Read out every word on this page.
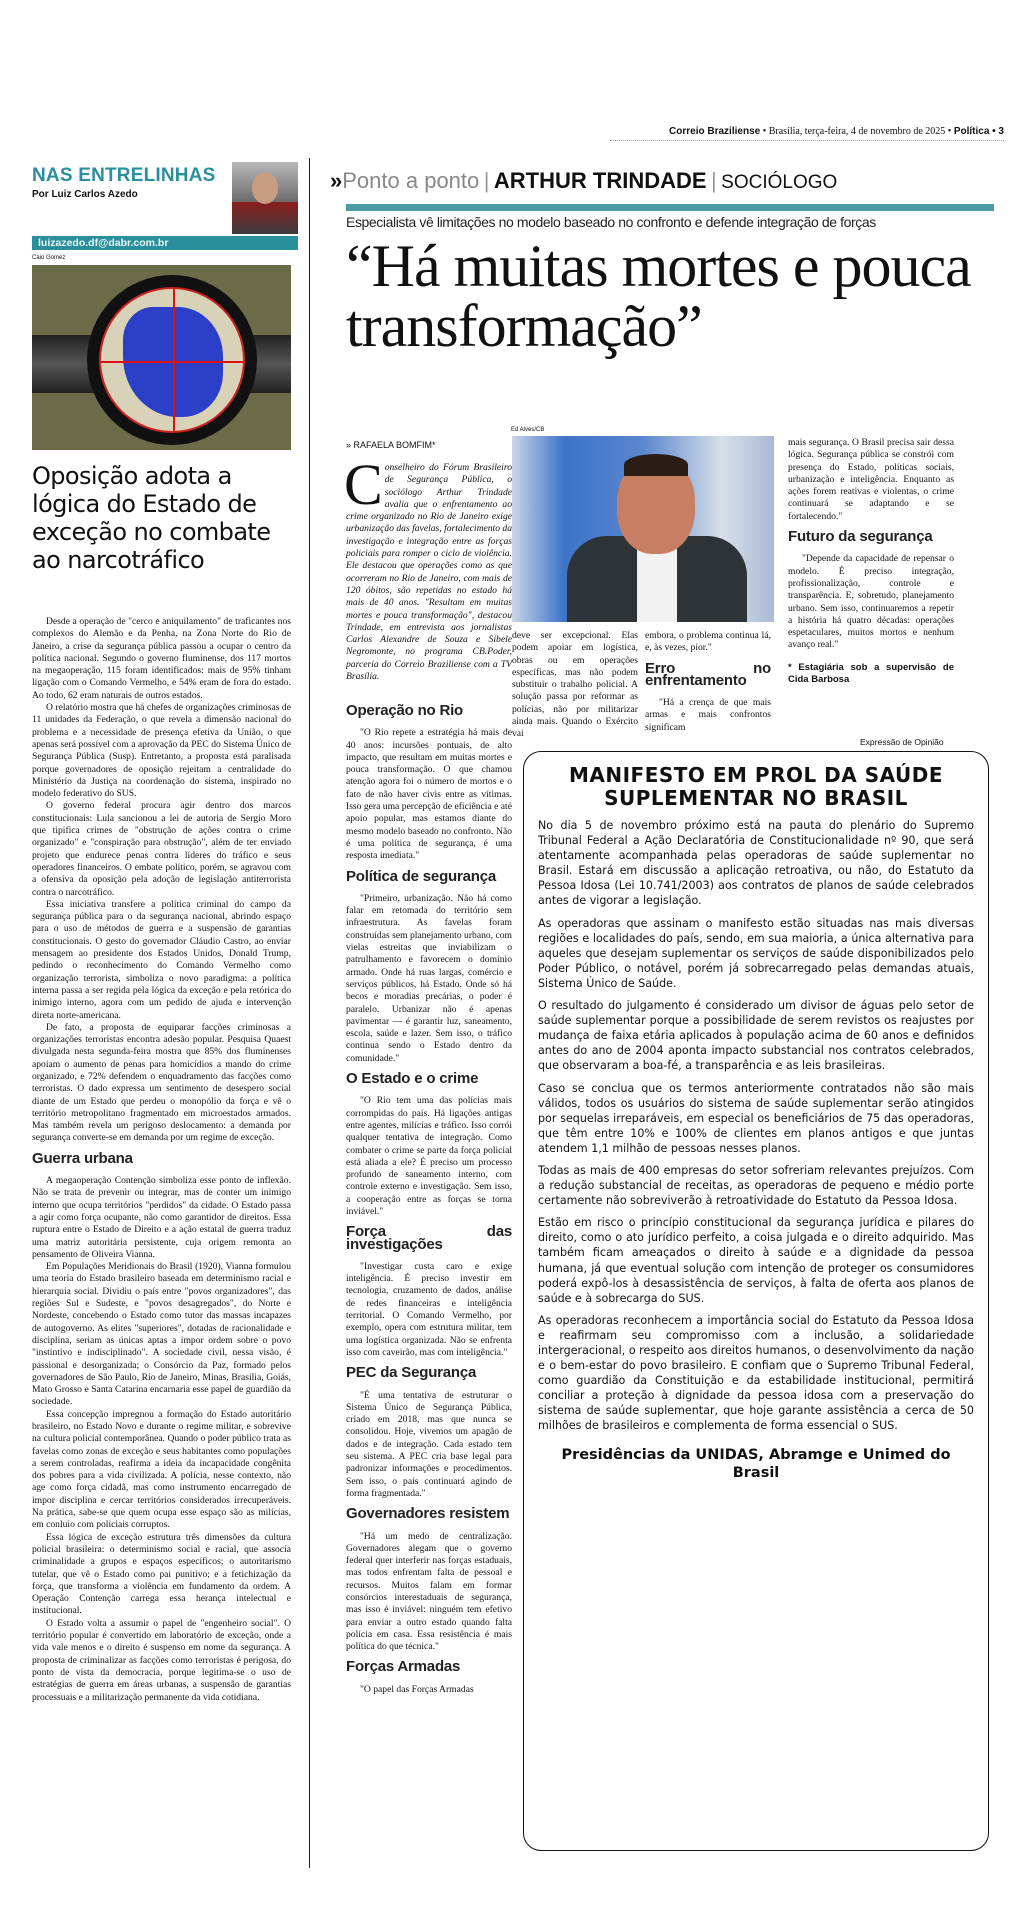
Correio Braziliense • Brasília, terça-feira, 4 de novembro de 2025 • Política • 3
NAS ENTRELINHAS
Por Luiz Carlos Azedo
luizazedo.df@dabr.com.br
Caio Gomez
Oposição adota a lógica do Estado de exceção no combate ao narcotráfico

Desde a operação de "cerco e aniquilamento" de traficantes nos complexos do Alemão e da Penha, na Zona Norte do Rio de Janeiro, a crise da segurança pública passou a ocupar o centro da política nacional. Segundo o governo fluminense, dos 117 mortos na megaoperação, 115 foram identificados: mais de 95% tinham ligação com o Comando Vermelho, e 54% eram de fora do estado. Ao todo, 62 eram naturais de outros estados.

O relatório mostra que há chefes de organizações criminosas de 11 unidades da Federação, o que revela a dimensão nacional do problema e a necessidade de presença efetiva da União, o que apenas será possível com a aprovação da PEC do Sistema Único de Segurança Pública (Susp). Entretanto, a proposta está paralisada porque governadores de oposição rejeitam a centralidade do Ministério da Justiça na coordenação do sistema, inspirado no modelo federativo do SUS.

O governo federal procura agir dentro dos marcos constitucionais: Lula sancionou a lei de autoria de Sergio Moro que tipifica crimes de "obstrução de ações contra o crime organizado" e "conspiração para obstrução", além de ter enviado projeto que endurece penas contra líderes do tráfico e seus operadores financeiros. O embate político, porém, se agravou com a ofensiva da oposição pela adoção de legislação antiterrorista contra o narcotráfico.

Essa iniciativa transfere a política criminal do campo da segurança pública para o da segurança nacional, abrindo espaço para o uso de métodos de guerra e a suspensão de garantias constitucionais. O gesto do governador Cláudio Castro, ao enviar mensagem ao presidente dos Estados Unidos, Donald Trump, pedindo o reconhecimento do Comando Vermelho como organização terrorista, simboliza o novo paradigma: a política interna passa a ser regida pela lógica da exceção e pela retórica do inimigo interno, agora com um pedido de ajuda e intervenção direta norte-americana.

De fato, a proposta de equiparar facções criminosas a organizações terroristas encontra adesão popular. Pesquisa Quaest divulgada nesta segunda-feira mostra que 85% dos fluminenses apoiam o aumento de penas para homicídios a mando do crime organizado, e 72% defendem o enquadramento das facções como terroristas. O dado expressa um sentimento de desespero social diante de um Estado que perdeu o monopólio da força e vê o território metropolitano fragmentado em microestados armados. Mas também revela um perigoso deslocamento: a demanda por segurança converte-se em demanda por um regime de exceção.

Guerra urbana

A megaoperação Contenção simboliza esse ponto de inflexão. Não se trata de prevenir ou integrar, mas de conter um inimigo interno que ocupa territórios "perdidos" da cidade. O Estado passa a agir como força ocupante, não como garantidor de direitos. Essa ruptura entre o Estado de Direito e a ação estatal de guerra traduz uma matriz autoritária persistente, cuja origem remonta ao pensamento de Oliveira Vianna.

Em Populações Meridionais do Brasil (1920), Vianna formulou uma teoria do Estado brasileiro baseada em determinismo racial e hierarquia social. Dividiu o país entre "povos organizadores", das regiões Sul e Sudeste, e "povos desagregados", do Norte e Nordeste, concebendo o Estado como tutor das massas incapazes de autogoverno. As elites "superiores", dotadas de racionalidade e disciplina, seriam as únicas aptas a impor ordem sobre o povo "instintivo e indisciplinado". A sociedade civil, nessa visão, é passional e desorganizada; o Consórcio da Paz, formado pelos governadores de São Paulo, Rio de Janeiro, Minas, Brasília, Goiás, Mato Grosso e Santa Catarina encarnaria esse papel de guardião da sociedade.

Essa concepção impregnou a formação do Estado autoritário brasileiro, no Estado Novo e durante o regime militar, e sobrevive na cultura policial contemporânea. Quando o poder público trata as favelas como zonas de exceção e seus habitantes como populações a serem controladas, reafirma a ideia da incapacidade congênita dos pobres para a vida civilizada. A polícia, nesse contexto, não age como força cidadã, mas como instrumento encarregado de impor disciplina e cercar territórios considerados irrecuperáveis. Na prática, sabe-se que quem ocupa esse espaço são as milícias, em conluio com policiais corruptos.

Essa lógica de exceção estrutura três dimensões da cultura policial brasileira: o determinismo social e racial, que associa criminalidade a grupos e espaços específicos; o autoritarismo tutelar, que vê o Estado como pai punitivo; e a fetichização da força, que transforma a violência em fundamento da ordem. A Operação Contenção carrega essa herança intelectual e institucional.

O Estado volta a assumir o papel de "engenheiro social". O território popular é convertido em laboratório de exceção, onde a vida vale menos e o direito é suspenso em nome da segurança. A proposta de criminalizar as facções como terroristas é perigosa, do ponto de vista da democracia, porque legitima-se o uso de estratégias de guerra em áreas urbanas, a suspensão de garantias processuais e a militarização permanente da vida cotidiana.

»Ponto a ponto | ARTHUR TRINDADE | SOCIÓLOGO
Especialista vê limitações no modelo baseado no confronto e defende integração de forças
“Há muitas mortes e pouca transformação”
» RAFAELA BOMFIM*
C onselheiro do Fórum Brasileiro de Segurança Pública, o sociólogo Arthur Trindade avalia que o enfrentamento ao crime organizado no Rio de Janeiro exige urbanização das favelas, fortalecimento da investigação e integração entre as forças policiais para romper o ciclo de violência. Ele destacou que operações como as que ocorreram no Rio de Janeiro, com mais de 120 óbitos, são repetidas no estado há mais de 40 anos. "Resultam em muitas mortes e pouca transformação", destacou Trindade, em entrevista aos jornalistas Carlos Alexandre de Souza e Sibele Negromonte, no programa CB.Poder, parceria do Correio Braziliense com a TV Brasília.
Operação no Rio

"O Rio repete a estratégia há mais de 40 anos: incursões pontuais, de alto impacto, que resultam em muitas mortes e pouca transformação. O que chamou atenção agora foi o número de mortos e o fato de não haver civis entre as vítimas. Isso gera uma percepção de eficiência e até apoio popular, mas estamos diante do mesmo modelo baseado no confronto. Não é uma política de segurança, é uma resposta imediata."

Política de segurança

"Primeiro, urbanização. Não há como falar em retomada do território sem infraestrutura. As favelas foram construídas sem planejamento urbano, com vielas estreitas que inviabilizam o patrulhamento e favorecem o domínio armado. Onde há ruas largas, comércio e serviços públicos, há Estado. Onde só há becos e moradias precárias, o poder é paralelo. Urbanizar não é apenas pavimentar — é garantir luz, saneamento, escola, saúde e lazer. Sem isso, o tráfico continua sendo o Estado dentro da comunidade."

O Estado e o crime

"O Rio tem uma das polícias mais corrompidas do país. Há ligações antigas entre agentes, milícias e tráfico. Isso corrói qualquer tentativa de integração. Como combater o crime se parte da força policial está aliada a ele? É preciso um processo profundo de saneamento interno, com controle externo e investigação. Sem isso, a cooperação entre as forças se torna inviável."

Força das investigações

"Investigar custa caro e exige inteligência. É preciso investir em tecnologia, cruzamento de dados, análise de redes financeiras e inteligência territorial. O Comando Vermelho, por exemplo, opera com estrutura militar, tem uma logística organizada. Não se enfrenta isso com caveirão, mas com inteligência."

PEC da Segurança

"É uma tentativa de estruturar o Sistema Único de Segurança Pública, criado em 2018, mas que nunca se consolidou. Hoje, vivemos um apagão de dados e de integração. Cada estado tem seu sistema. A PEC cria base legal para padronizar informações e procedimentos. Sem isso, o país continuará agindo de forma fragmentada."

Governadores resistem

"Há um medo de centralização. Governadores alegam que o governo federal quer interferir nas forças estaduais, mas todos enfrentam falta de pessoal e recursos. Muitos falam em formar consórcios interestaduais de segurança, mas isso é inviável: ninguém tem efetivo para enviar a outro estado quando falta polícia em casa. Essa resistência é mais política do que técnica."

Forças Armadas

"O papel das Forças Armadas

Ed Alves/CB

deve ser excepcional. Elas podem apoiar em logística, obras ou em operações específicas, mas não podem substituir o trabalho policial. A solução passa por reformar as polícias, não por militarizar ainda mais. Quando o Exército vai

embora, o problema continua lá, e, às vezes, pior."

Erro no enfrentamento

"Há a crença de que mais armas e mais confrontos significam

mais segurança. O Brasil precisa sair dessa lógica. Segurança pública se constrói com presença do Estado, políticas sociais, urbanização e inteligência. Enquanto as ações forem reativas e violentas, o crime continuará se adaptando e se fortalecendo."

Futuro da segurança

"Depende da capacidade de repensar o modelo. É preciso integração, profissionalização, controle e transparência. E, sobretudo, planejamento urbano. Sem isso, continuaremos a repetir a história há quatro décadas: operações espetaculares, muitos mortos e nenhum avanço real."

* Estagiária sob a supervisão de Cida Barbosa
Expressão de Opinião
MANIFESTO EM PROL DA SAÚDE SUPLEMENTAR NO BRASIL

No dia 5 de novembro próximo está na pauta do plenário do Supremo Tribunal Federal a Ação Declaratória de Constitucionalidade nº 90, que será atentamente acompanhada pelas operadoras de saúde suplementar no Brasil. Estará em discussão a aplicação retroativa, ou não, do Estatuto da Pessoa Idosa (Lei 10.741/2003) aos contratos de planos de saúde celebrados antes de vigorar a legislação.

As operadoras que assinam o manifesto estão situadas nas mais diversas regiões e localidades do país, sendo, em sua maioria, a única alternativa para aqueles que desejam suplementar os serviços de saúde disponibilizados pelo Poder Público, o notável, porém já sobrecarregado pelas demandas atuais, Sistema Único de Saúde.

O resultado do julgamento é considerado um divisor de águas pelo setor de saúde suplementar porque a possibilidade de serem revistos os reajustes por mudança de faixa etária aplicados à população acima de 60 anos e definidos antes do ano de 2004 aponta impacto substancial nos contratos celebrados, que observaram a boa-fé, a transparência e as leis brasileiras.

Caso se conclua que os termos anteriormente contratados não são mais válidos, todos os usuários do sistema de saúde suplementar serão atingidos por sequelas irreparáveis, em especial os beneficiários de 75 das operadoras, que têm entre 10% e 100% de clientes em planos antigos e que juntas atendem 1,1 milhão de pessoas nesses planos.

Todas as mais de 400 empresas do setor sofreriam relevantes prejuízos. Com a redução substancial de receitas, as operadoras de pequeno e médio porte certamente não sobreviverão à retroatividade do Estatuto da Pessoa Idosa.

Estão em risco o princípio constitucional da segurança jurídica e pilares do direito, como o ato jurídico perfeito, a coisa julgada e o direito adquirido. Mas também ficam ameaçados o direito à saúde e a dignidade da pessoa humana, já que eventual solução com intenção de proteger os consumidores poderá expô-los à desassistência de serviços, à falta de oferta aos planos de saúde e à sobrecarga do SUS.

As operadoras reconhecem a importância social do Estatuto da Pessoa Idosa e reafirmam seu compromisso com a inclusão, a solidariedade intergeracional, o respeito aos direitos humanos, o desenvolvimento da nação e o bem-estar do povo brasileiro. E confiam que o Supremo Tribunal Federal, como guardião da Constituição e da estabilidade institucional, permitirá conciliar a proteção à dignidade da pessoa idosa com a preservação do sistema de saúde suplementar, que hoje garante assistência a cerca de 50 milhões de brasileiros e complementa de forma essencial o SUS.

Presidências da UNIDAS, Abramge e Unimed do Brasil
